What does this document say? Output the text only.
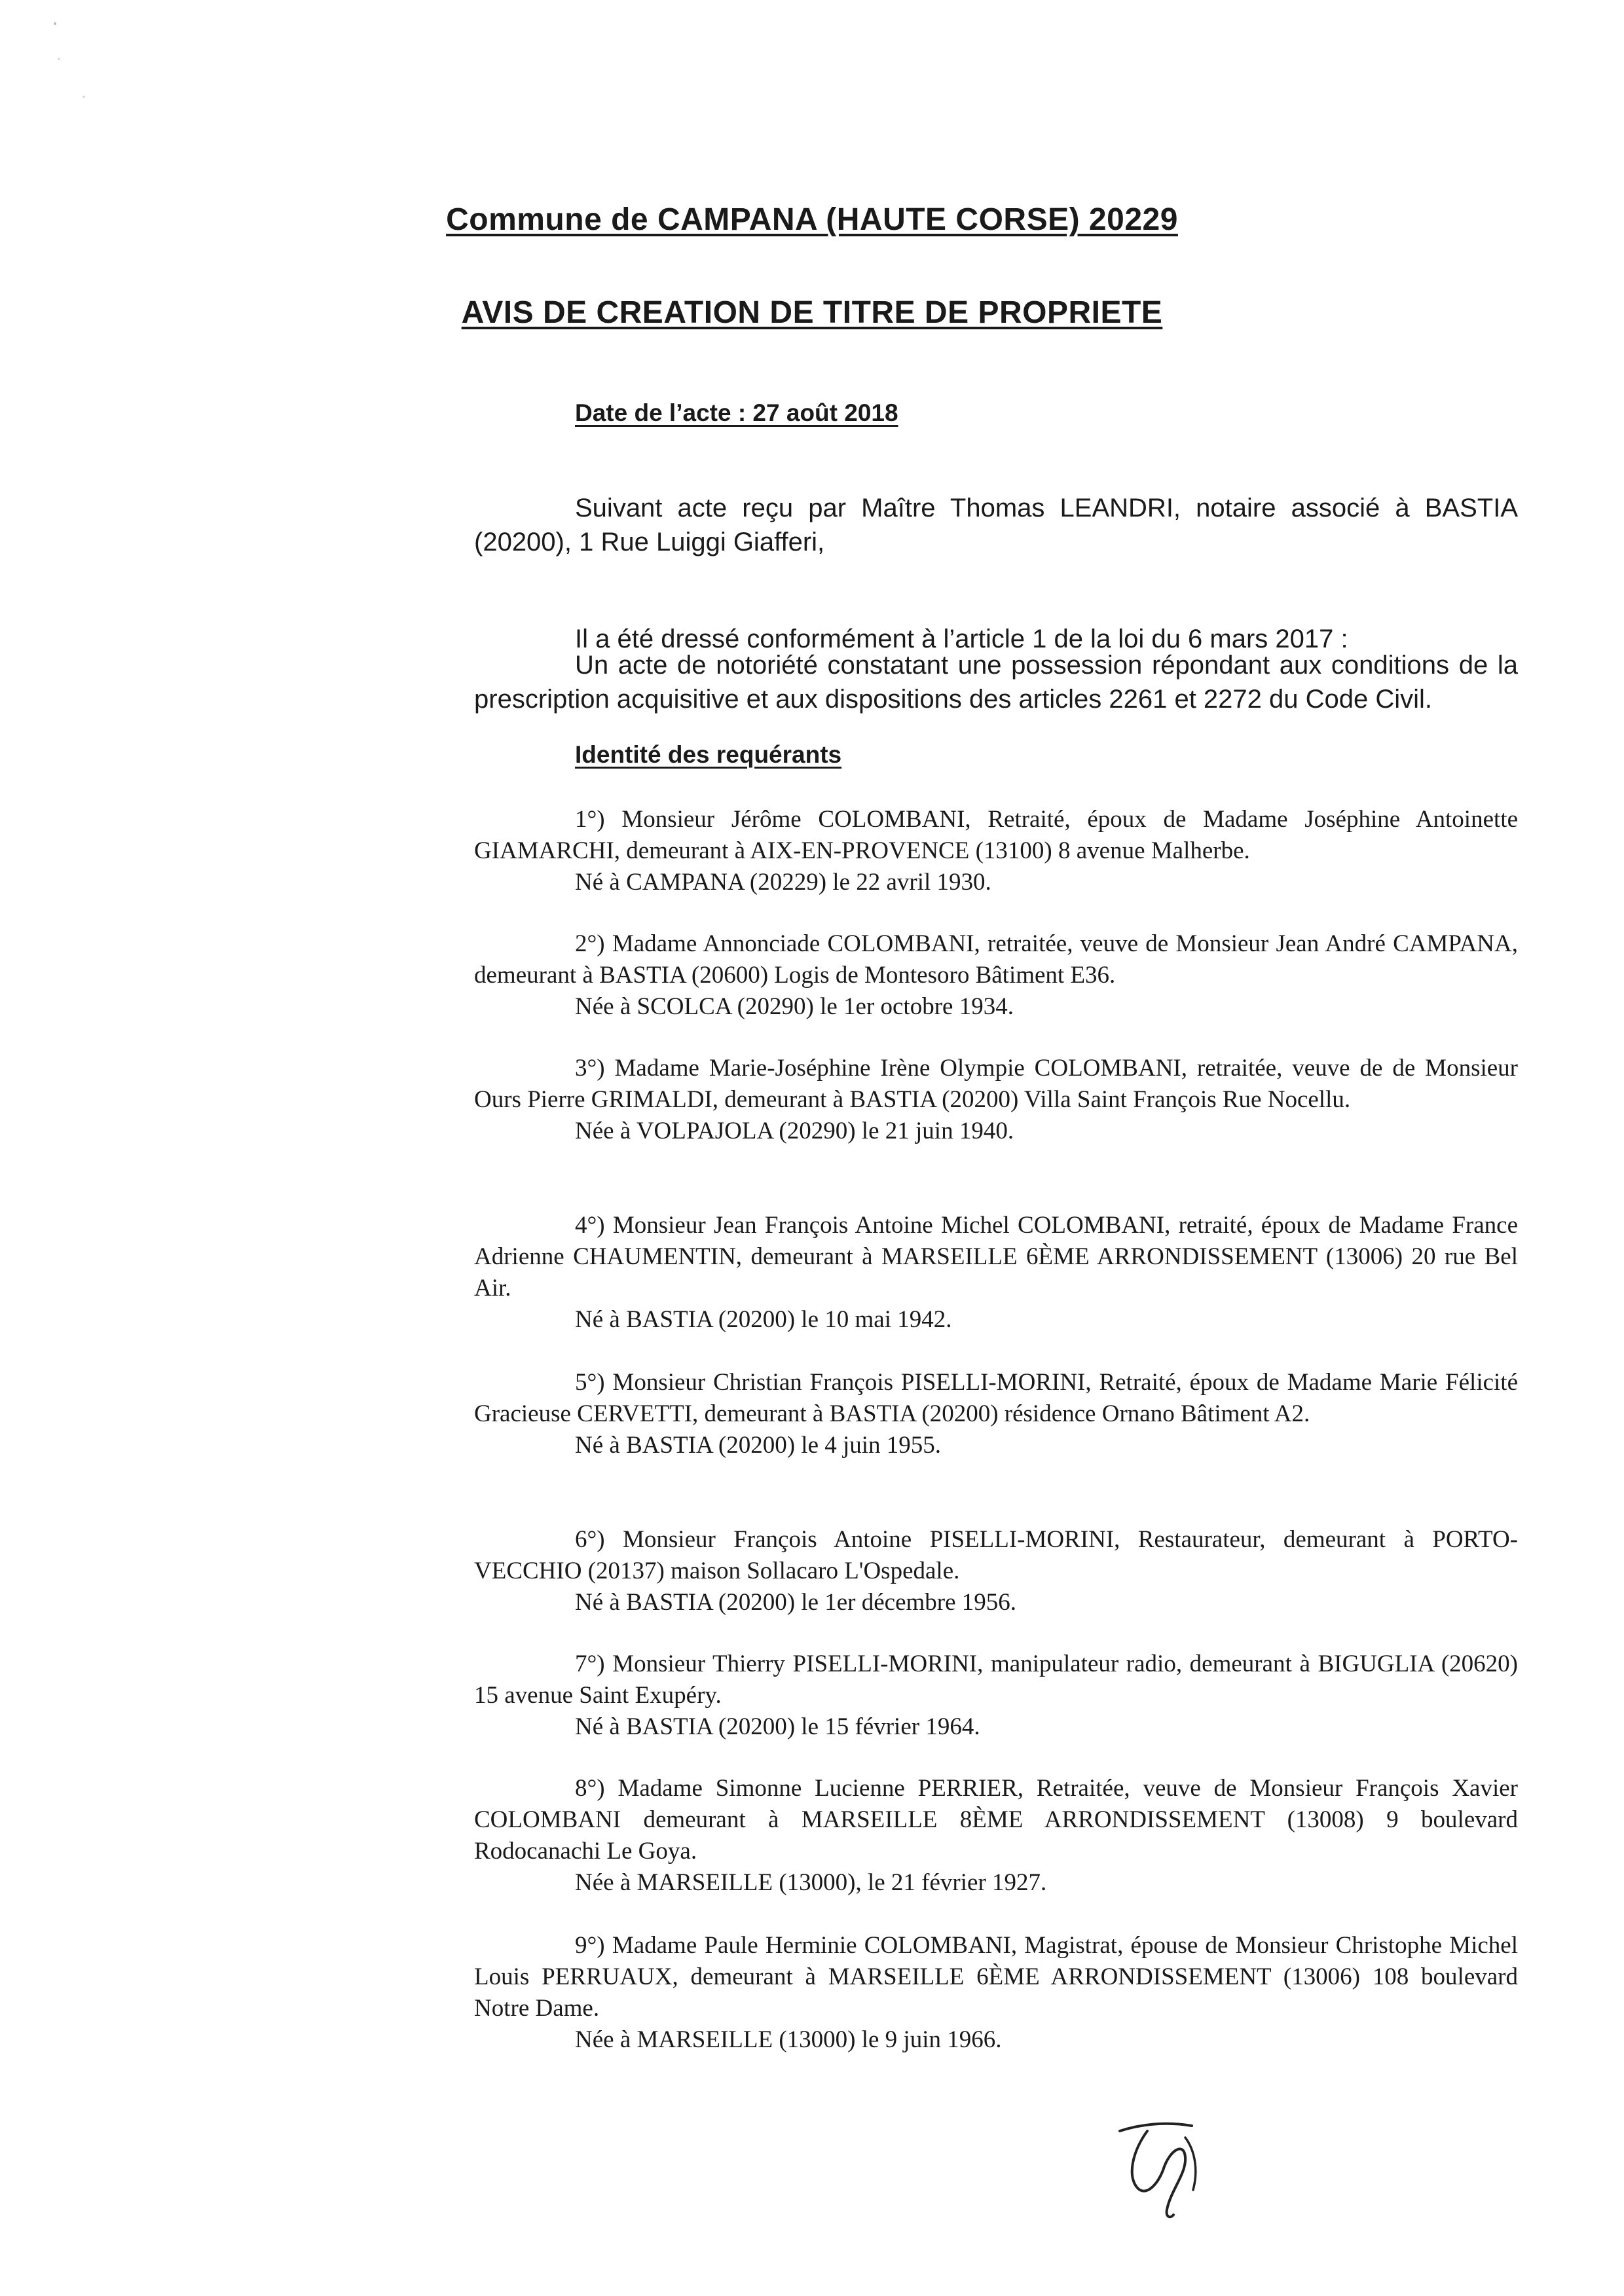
Commune de CAMPANA (HAUTE CORSE) 20229
AVIS DE CREATION DE TITRE DE PROPRIETE
Date de l’acte : 27 août 2018

Suivant acte reçu par Maître Thomas LEANDRI, notaire associé à BASTIA (20200), 1 Rue Luiggi Giafferi,

Il a été dressé conformément à l’article 1 de la loi du 6 mars 2017 :

Un acte de notoriété constatant une possession répondant aux conditions de la prescription acquisitive et aux dispositions des articles 2261 et 2272 du Code Civil.

Identité des requérants

1°) Monsieur Jérôme COLOMBANI, Retraité, époux de Madame Joséphine Antoinette GIAMARCHI, demeurant à AIX-EN-PROVENCE (13100) 8 avenue Malherbe.

Né à CAMPANA (20229) le 22 avril 1930.

2°) Madame Annonciade COLOMBANI, retraitée, veuve de Monsieur Jean André CAMPANA, demeurant à BASTIA (20600) Logis de Montesoro Bâtiment E36.

Née à SCOLCA (20290) le 1er octobre 1934.

3°) Madame Marie-Joséphine Irène Olympie COLOMBANI, retraitée, veuve de de Monsieur Ours Pierre GRIMALDI, demeurant à BASTIA (20200) Villa Saint François Rue Nocellu.

Née à VOLPAJOLA (20290) le 21 juin 1940.

4°) Monsieur Jean François Antoine Michel COLOMBANI, retraité, époux de Madame France Adrienne CHAUMENTIN, demeurant à MARSEILLE 6ÈME ARRONDISSEMENT (13006) 20 rue Bel Air.

Né à BASTIA (20200) le 10 mai 1942.

5°) Monsieur Christian François PISELLI-MORINI, Retraité, époux de Madame Marie Félicité Gracieuse CERVETTI, demeurant à BASTIA (20200) résidence Ornano Bâtiment A2.

Né à BASTIA (20200) le 4 juin 1955.

6°) Monsieur François Antoine PISELLI-MORINI, Restaurateur, demeurant à PORTO-VECCHIO (20137) maison Sollacaro L'Ospedale.

Né à BASTIA (20200) le 1er décembre 1956.

7°) Monsieur Thierry PISELLI-MORINI, manipulateur radio, demeurant à BIGUGLIA (20620) 15 avenue Saint Exupéry.

Né à BASTIA (20200) le 15 février 1964.

8°) Madame Simonne Lucienne PERRIER, Retraitée, veuve de Monsieur François Xavier COLOMBANI demeurant à MARSEILLE 8ÈME ARRONDISSEMENT (13008) 9 boulevard Rodocanachi Le Goya.

Née à MARSEILLE (13000), le 21 février 1927.

9°) Madame Paule Herminie COLOMBANI, Magistrat, épouse de Monsieur Christophe Michel Louis PERRUAUX, demeurant à MARSEILLE 6ÈME ARRONDISSEMENT (13006) 108 boulevard Notre Dame.

Née à MARSEILLE (13000) le 9 juin 1966.
